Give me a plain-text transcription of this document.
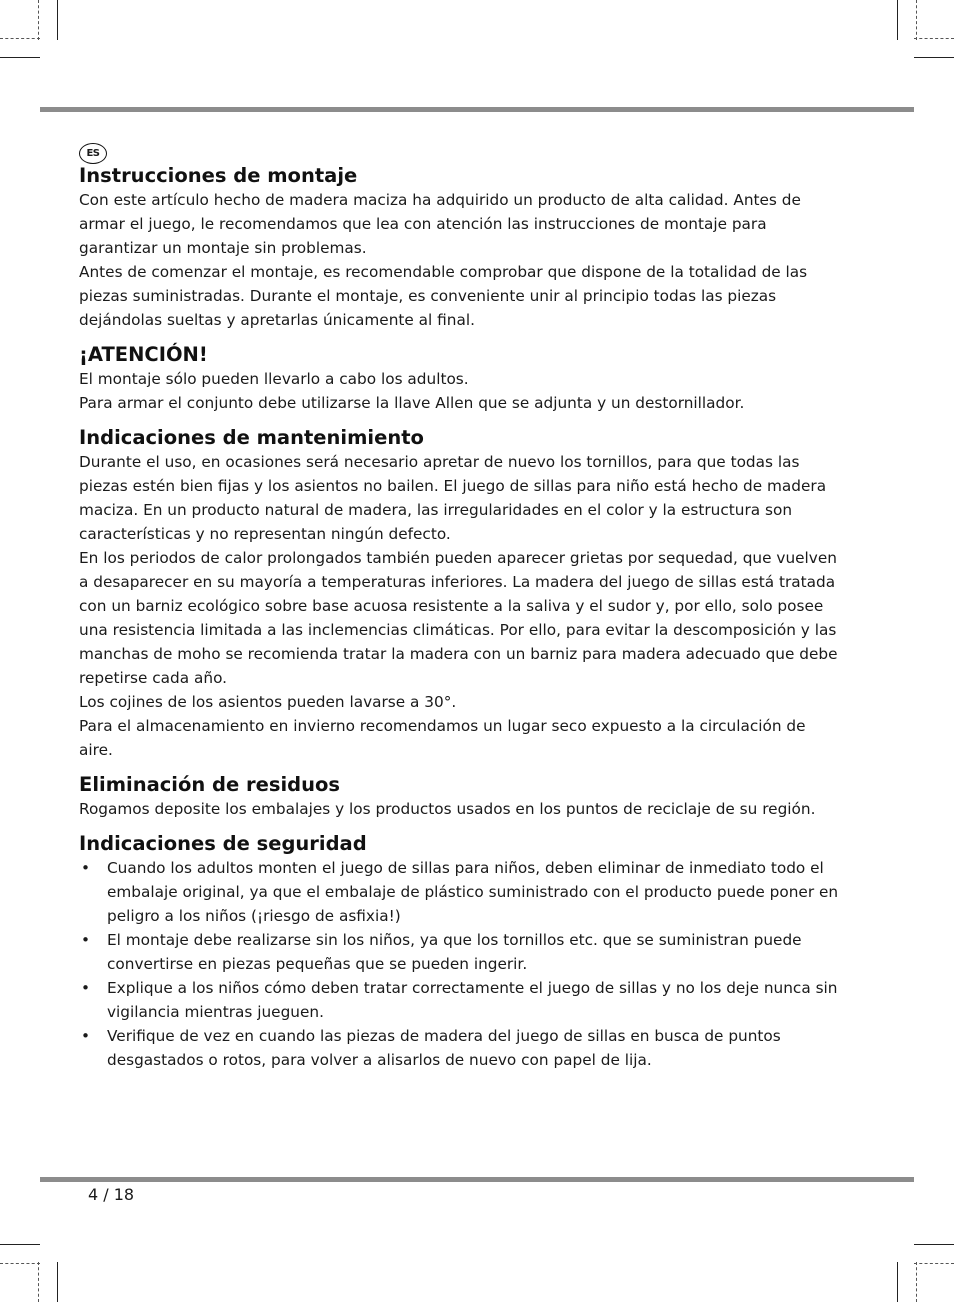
ES
Instrucciones de montaje

Con este artículo hecho de madera maciza ha adquirido un producto de alta calidad. Antes de armar el juego, le recomendamos que lea con atención las instrucciones de montaje para garantizar un montaje sin problemas.

Antes de comenzar el montaje, es recomendable comprobar que dispone de la totalidad de las piezas suministradas. Durante el montaje, es conveniente unir al principio todas las piezas dejándolas sueltas y apretarlas únicamente al final.

¡ATENCIÓN!

El montaje sólo pueden llevarlo a cabo los adultos.

Para armar el conjunto debe utilizarse la llave Allen que se adjunta y un destornillador.

Indicaciones de mantenimiento

Durante el uso, en ocasiones será necesario apretar de nuevo los tornillos, para que todas las piezas estén bien fijas y los asientos no bailen. El juego de sillas para niño está hecho de madera maciza. En un producto natural de madera, las irregularidades en el color y la estructura son características y no representan ningún defecto.

En los periodos de calor prolongados también pueden aparecer grietas por sequedad, que vuelven a desaparecer en su mayoría a temperaturas inferiores. La madera del juego de sillas está tratada con un barniz ecológico sobre base acuosa resistente a la saliva y el sudor y, por ello, solo posee una resistencia limitada a las inclemencias climáticas. Por ello, para evitar la descomposición y las manchas de moho se recomienda tratar la madera con un barniz para madera adecuado que debe repetirse cada año.

Los cojines de los asientos pueden lavarse a 30°.

Para el almacenamiento en invierno recomendamos un lugar seco expuesto a la circulación de aire.

Eliminación de residuos

Rogamos deposite los embalajes y los productos usados en los puntos de reciclaje de su región.

Indicaciones de seguridad
• Cuando los adultos monten el juego de sillas para niños, deben eliminar de inmediato todo el embalaje original, ya que el embalaje de plástico suministrado con el producto puede poner en peligro a los niños (¡riesgo de asfixia!)
• El montaje debe realizarse sin los niños, ya que los tornillos etc. que se suministran puede convertirse en piezas pequeñas que se pueden ingerir.
• Explique a los niños cómo deben tratar correctamente el juego de sillas y no los deje nunca sin vigilancia mientras jueguen.
• Verifique de vez en cuando las piezas de madera del juego de sillas en busca de puntos desgastados o rotos, para volver a alisarlos de nuevo con papel de lija.
4 / 18
